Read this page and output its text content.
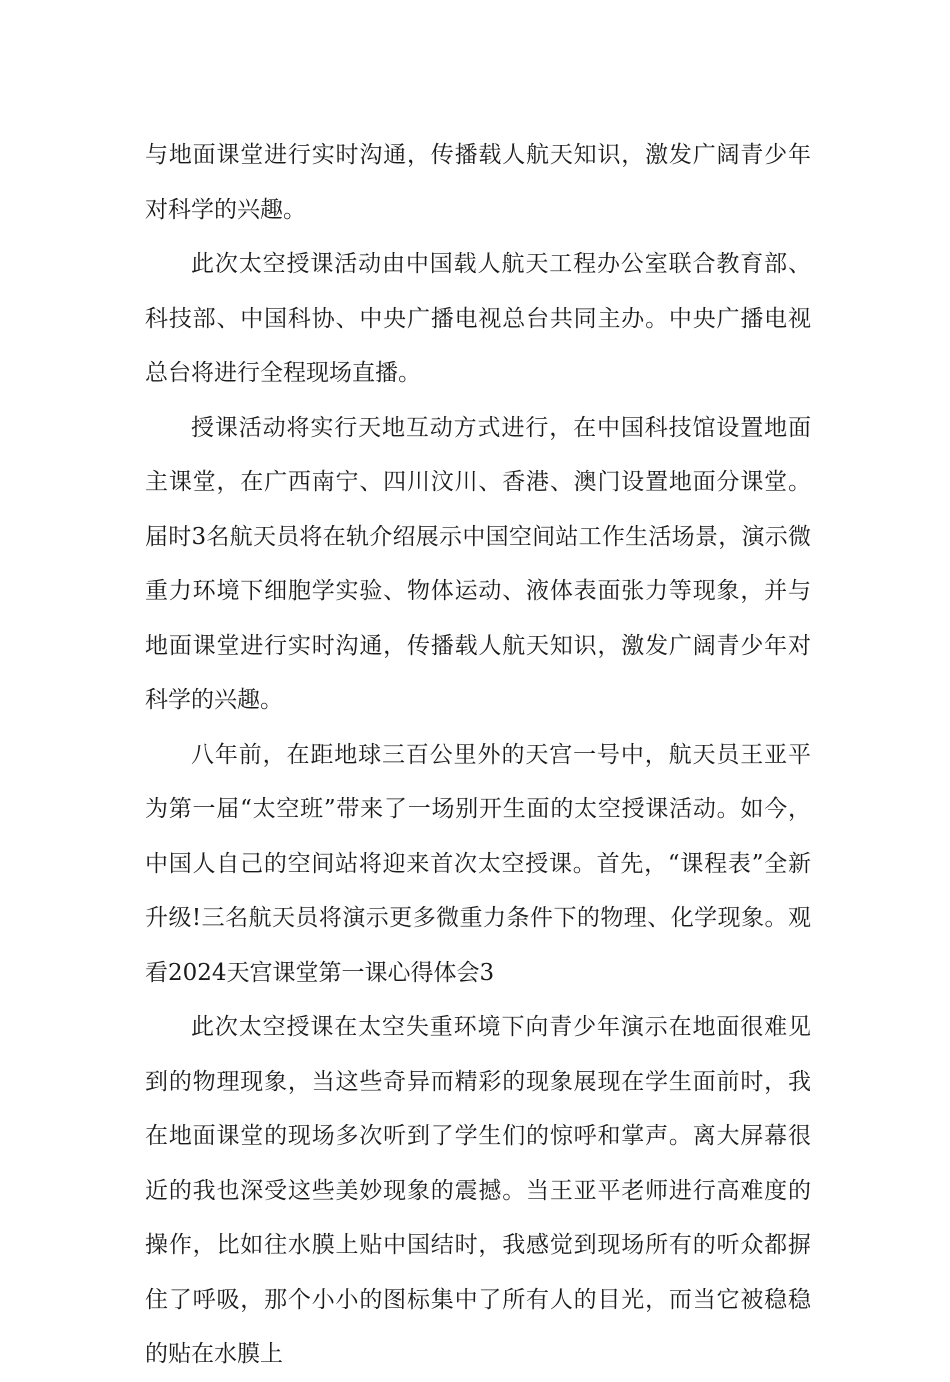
与地面课堂进行实时沟通，传播载人航天知识，激发广阔青少年对科学的兴趣。

此次太空授课活动由中国载人航天工程办公室联合教育部、科技部、中国科协、中央广播电视总台共同主办。中央广播电视总台将进行全程现场直播。

授课活动将实行天地互动方式进行，在中国科技馆设置地面主课堂，在广西南宁、四川汶川、香港、澳门设置地面分课堂。届时3名航天员将在轨介绍展示中国空间站工作生活场景，演示微重力环境下细胞学实验、物体运动、液体表面张力等现象，并与地面课堂进行实时沟通，传播载人航天知识，激发广阔青少年对科学的兴趣。

八年前，在距地球三百公里外的天宫一号中，航天员王亚平为第一届“太空班”带来了一场别开生面的太空授课活动。如今，中国人自己的空间站将迎来首次太空授课。首先，“课程表”全新升级!三名航天员将演示更多微重力条件下的物理、化学现象。观看2024天宫课堂第一课心得体会3

此次太空授课在太空失重环境下向青少年演示在地面很难见到的物理现象，当这些奇异而精彩的现象展现在学生面前时，我在地面课堂的现场多次听到了学生们的惊呼和掌声。离大屏幕很近的我也深受这些美妙现象的震撼。当王亚平老师进行高难度的操作，比如往水膜上贴中国结时，我感觉到现场所有的听众都摒住了呼吸，那个小小的图标集中了所有人的目光，而当它被稳稳的贴在水膜上
